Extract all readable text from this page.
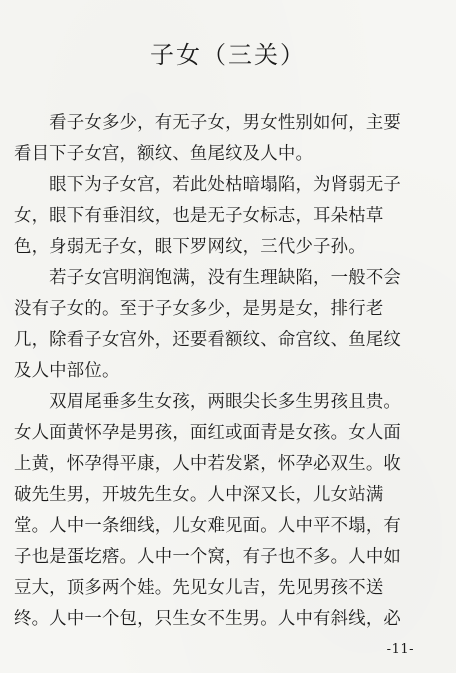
子女（三关）
　　看子女多少，有无子女，男女性别如何，主要
看目下子女宫，额纹、鱼尾纹及人中。
　　眼下为子女宫，若此处枯暗塌陷，为肾弱无子
女，眼下有垂泪纹，也是无子女标志，耳朵枯草
色，身弱无子女，眼下罗网纹，三代少子孙。
　　若子女宫明润饱满，没有生理缺陷，一般不会
没有子女的。至于子女多少，是男是女，排行老
几，除看子女宫外，还要看额纹、命宫纹、鱼尾纹
及人中部位。
　　双眉尾垂多生女孩，两眼尖长多生男孩且贵。
女人面黄怀孕是男孩，面红或面青是女孩。女人面
上黄，怀孕得平康，人中若发紧，怀孕必双生。收
破先生男，开坡先生女。人中深又长，儿女站满
堂。人中一条细线，儿女难见面。人中平不塌，有
子也是蛋圪瘩。人中一个窝，有子也不多。人中如
豆大，顶多两个娃。先见女儿吉，先见男孩不送
终。人中一个包，只生女不生男。人中有斜线，必
-11-
